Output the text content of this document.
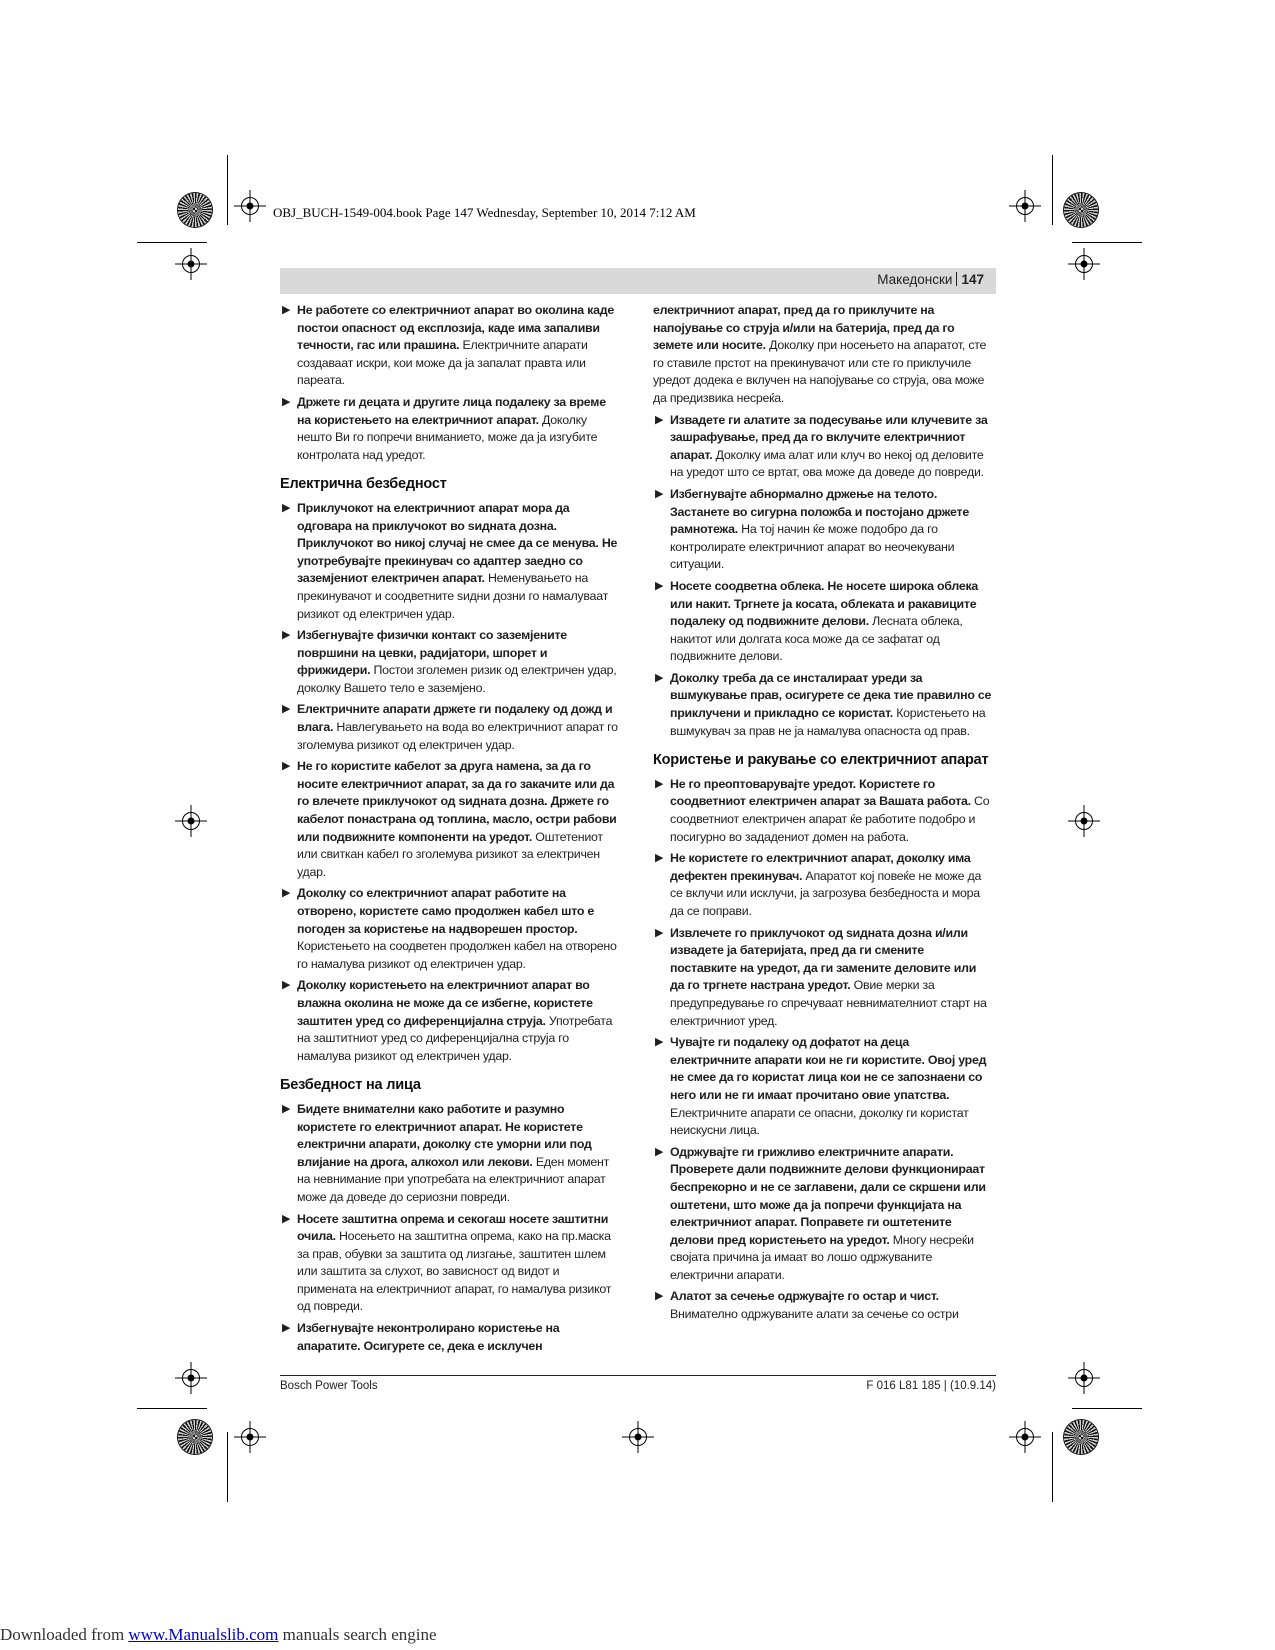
OBJ_BUCH-1549-004.book Page 147 Wednesday, September 10, 2014 7:12 AM
Македонски 147
▶ Не работете со електричниот апарат во околина каде постои опасност од експлозија, каде има запаливи течности, гас или прашина. Електричните апарати создаваат искри, кои може да ја запалат правта или пареата.
▶ Држете ги децата и другите лица подалеку за време на користењето на електричниот апарат. Доколку нешто Ви го попречи вниманието, може да ја изгубите контролата над уредот.
Електрична безбедност
▶ Приклучокот на електричниот апарат мора да одговара на приклучокот во ѕидната дозна. Приклучокот во никој случај не смее да се менува. Не употребувајте прекинувач со адаптер заедно со заземјениот електричен апарат. Неменувањето на прекинувачот и соодветните ѕидни дозни го намалуваат ризикот од електричен удар.
▶ Избегнувајте физички контакт со заземјените површини на цевки, радијатори, шпорет и фрижидери. Постои зголемен ризик од електричен удар, доколку Вашето тело е заземјено.
▶ Електричните апарати држете ги подалеку од дожд и влага. Навлегувањето на вода во електричниот апарат го зголемува ризикот од електричен удар.
▶ Не го користите кабелот за друга намена, за да го носите електричниот апарат, за да го закачите или да го влечете приклучокот од ѕидната дозна. Држете го кабелот понастрана од топлина, масло, остри рабови или подвижните компоненти на уредот. Оштетениот или свиткан кабел го зголемува ризикот за електричен удар.
▶ Доколку со електричниот апарат работите на отворено, користете само продолжен кабел што е погоден за користење на надворешен простор. Користењето на соодветен продолжен кабел на отворено го намалува ризикот од електричен удар.
▶ Доколку користењето на електричниот апарат во влажна околина не може да се избегне, користете заштитен уред со диференцијална струја. Употребата на заштитниот уред со диференцијална струја го намалува ризикот од електричен удар.
Безбедност на лица
▶ Бидете внимателни како работите и разумно користете го електричниот апарат. Не користете електрични апарати, доколку сте уморни или под влијание на дрога, алкохол или лекови. Еден момент на невнимание при употребата на електричниот апарат може да доведе до сериозни повреди.
▶ Носете заштитна опрема и секогаш носете заштитни очила. Носењето на заштитна опрема, како на пр.маска за прав, обувки за заштита од лизгање, заштитен шлем или заштита за слухот, во зависност од видот и примената на електричниот апарат, го намалува ризикот од повреди.
▶ Избегнувајте неконтролирано користење на апаратите. Осигурете се, дека е исклучен
електричниот апарат, пред да го приклучите на напојување со струја и/или на батерија, пред да го земете или носите. Доколку при носењето на апаратот, сте го ставиле прстот на прекинувачот или сте го приклучиле уредот додека е вклучен на напојување со струја, ова може да предизвика несреќа.
▶ Извадете ги алатите за подесување или клучевите за зашрафување, пред да го вклучите електричниот апарат. Доколку има алат или клуч во некој од деловите на уредот што се вртат, ова може да доведе до повреди.
▶ Избегнувајте абнормално држење на телото. Застанете во сигурна положба и постојано држете рамнотежа. На тој начин ќе може подобро да го контролирате електричниот апарат во неочекувани ситуации.
▶ Носете соодветна облека. Не носете широка облека или накит. Тргнете ја косата, облеката и ракавиците подалеку од подвижните делови. Лесната облека, накитот или долгата коса може да се зафатат од подвижните делови.
▶ Доколку треба да се инсталираат уреди за вшмукување прав, осигурете се дека тие правилно се приклучени и прикладно се користат. Користењето на вшмукувач за прав не ја намалува опасноста од прав.
Користење и ракување со електричниот апарат
▶ Не го преоптоварувајте уредот. Користете го соодветниот електричен апарат за Вашата работа. Со соодветниот електричен апарат ќе работите подобро и посигурно во зададениот домен на работа.
▶ Не користете го електричниот апарат, доколку има дефектен прекинувач. Апаратот кој повеќе не може да се вклучи или исклучи, ја загрозува безбедноста и мора да се поправи.
▶ Извлечете го приклучокот од ѕидната дозна и/или извадете ја батеријата, пред да ги смените поставките на уредот, да ги замените деловите или да го тргнете настрана уредот. Овие мерки за предупредување го спречуваат невнимателниот старт на електричниот уред.
▶ Чувајте ги подалеку од дофатот на деца електричните апарати кои не ги користите. Овој уред не смее да го користат лица кои не се запознаени со него или не ги имаат прочитано овие упатства. Електричните апарати се опасни, доколку ги користат неискусни лица.
▶ Одржувајте ги грижливо електричните апарати. Проверете дали подвижните делови функционираат беспрекорно и не се заглавени, дали се скршени или оштетени, што може да ја попречи функцијата на електричниот апарат. Поправете ги оштетените делови пред користењето на уредот. Многу несреќи својата причина ја имаат во лошо одржуваните електрични апарати.
▶ Алатот за сечење одржувајте го остар и чист. Внимателно одржуваните алати за сечење со остри
Bosch Power Tools	F 016 L81 185 | (10.9.14)
Downloaded from www.Manualslib.com manuals search engine
